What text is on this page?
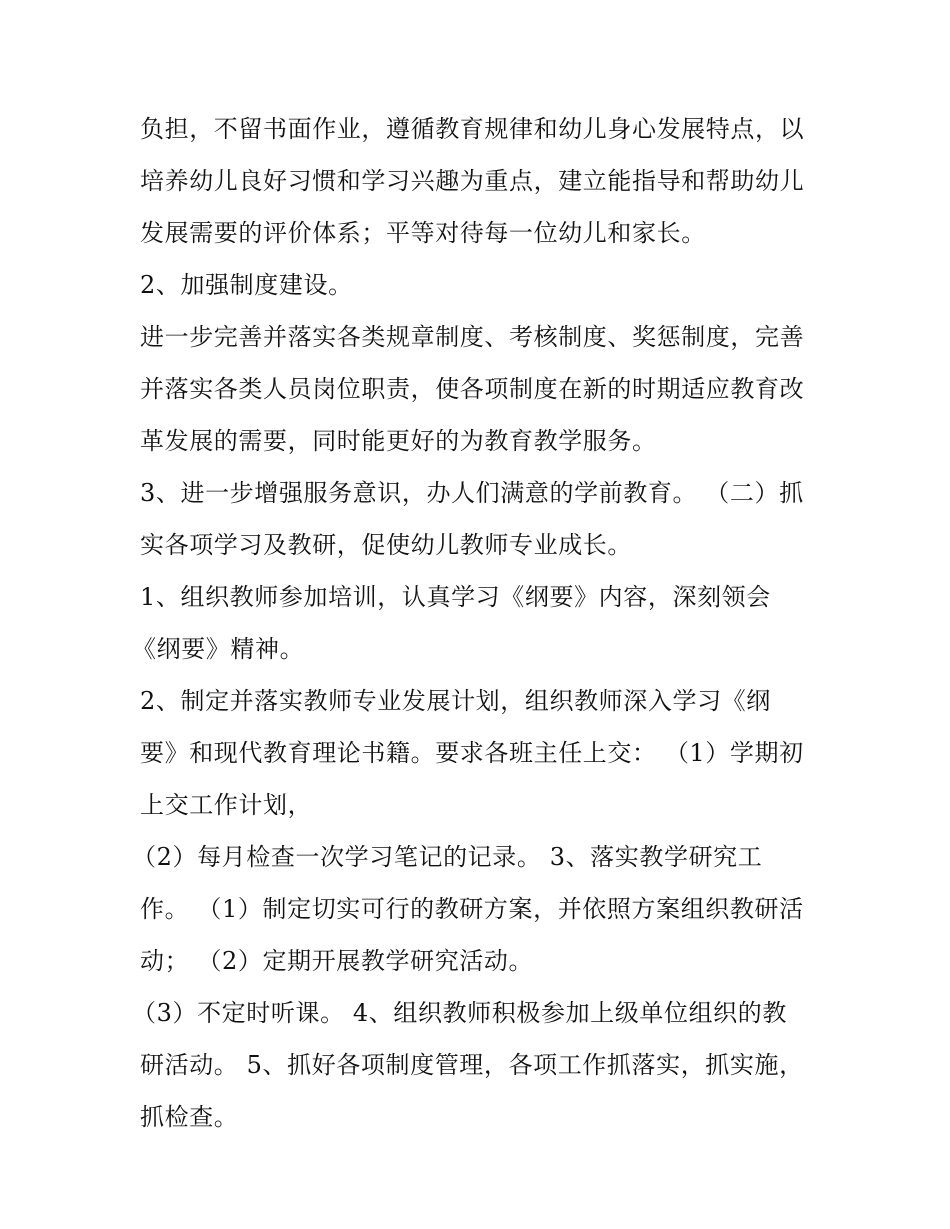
负担，不留书面作业，遵循教育规律和幼儿身心发展特点，以
培养幼儿良好习惯和学习兴趣为重点，建立能指导和帮助幼儿
发展需要的评价体系；平等对待每一位幼儿和家长。
2、加强制度建设。
进一步完善并落实各类规章制度、考核制度、奖惩制度，完善
并落实各类人员岗位职责，使各项制度在新的时期适应教育改
革发展的需要，同时能更好的为教育教学服务。
3、进一步增强服务意识，办人们满意的学前教育。 （二）抓
实各项学习及教研，促使幼儿教师专业成长。
1、组织教师参加培训，认真学习《纲要》内容，深刻领会
《纲要》精神。
2、制定并落实教师专业发展计划，组织教师深入学习《纲
要》和现代教育理论书籍。要求各班主任上交： （1）学期初
上交工作计划，
（2）每月检查一次学习笔记的记录。 3、落实教学研究工
作。 （1）制定切实可行的教研方案，并依照方案组织教研活
动； （2）定期开展教学研究活动。
（3）不定时听课。 4、组织教师积极参加上级单位组织的教
研活动。 5、抓好各项制度管理，各项工作抓落实，抓实施，
抓检查。
